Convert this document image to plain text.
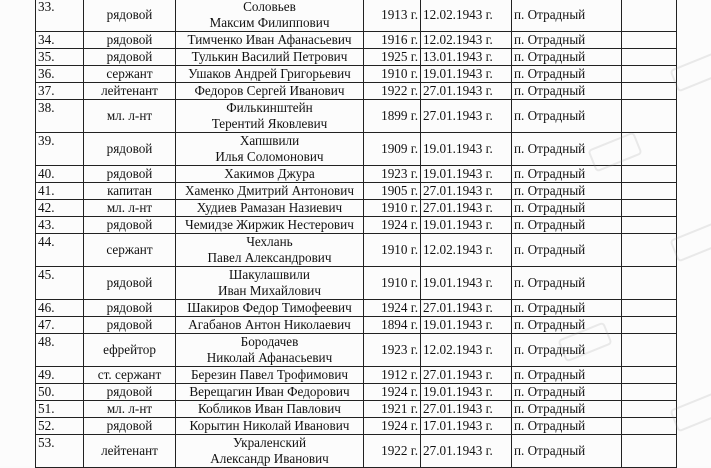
33.	рядовой	Соловьев
Максим Филиппович	1913 г.	12.02.1943 г.	п. Отрадный	
34.	рядовой	Тимченко Иван Афанасьевич	1916 г.	12.02.1943 г.	п. Отрадный	
35.	рядовой	Тулькин Василий Петрович	1925 г.	13.01.1943 г.	п. Отрадный	
36.	сержант	Ушаков Андрей Григорьевич	1910 г.	19.01.1943 г.	п. Отрадный	
37.	лейтенант	Федоров Сергей Иванович	1922 г.	27.01.1943 г.	п. Отрадный	
38.	мл. л-нт	Филькинштейн
Терентий Яковлевич	1899 г.	27.01.1943 г.	п. Отрадный	
39.	рядовой	Хапшвили
Илья Соломонович	1909 г.	19.01.1943 г.	п. Отрадный	
40.	рядовой	Хакимов Джура	1923 г.	19.01.1943 г.	п. Отрадный	
41.	капитан	Хаменко Дмитрий Антонович	1905 г.	27.01.1943 г.	п. Отрадный	
42.	мл. л-нт	Худиев Рамазан Назиевич	1910 г.	27.01.1943 г.	п. Отрадный	
43.	рядовой	Чемидзе Жиржик Нестерович	1924 г.	19.01.1943 г.	п. Отрадный	
44.	сержант	Чехлань
Павел Александрович	1910 г.	12.02.1943 г.	п. Отрадный	
45.	рядовой	Шакулашвили
Иван Михайлович	1910 г.	19.01.1943 г.	п. Отрадный	
46.	рядовой	Шакиров Федор Тимофеевич	1924 г.	27.01.1943 г.	п. Отрадный	
47.	рядовой	Агабанов Антон Николаевич	1894 г.	19.01.1943 г.	п. Отрадный	
48.	ефрейтор	Бородачев
Николай Афанасьевич	1923 г.	12.02.1943 г.	п. Отрадный	
49.	ст. сержант	Березин Павел Трофимович	1912 г.	27.01.1943 г.	п. Отрадный	
50.	рядовой	Верещагин Иван Федорович	1924 г.	19.01.1943 г.	п. Отрадный	
51.	мл. л-нт	Кобликов Иван Павлович	1921 г.	27.01.1943 г.	п. Отрадный	
52.	рядовой	Корытин Николай Иванович	1924 г.	17.01.1943 г.	п. Отрадный	
53.	лейтенант	Украленский
Александр Иванович	1922 г.	27.01.1943 г.	п. Отрадный	
